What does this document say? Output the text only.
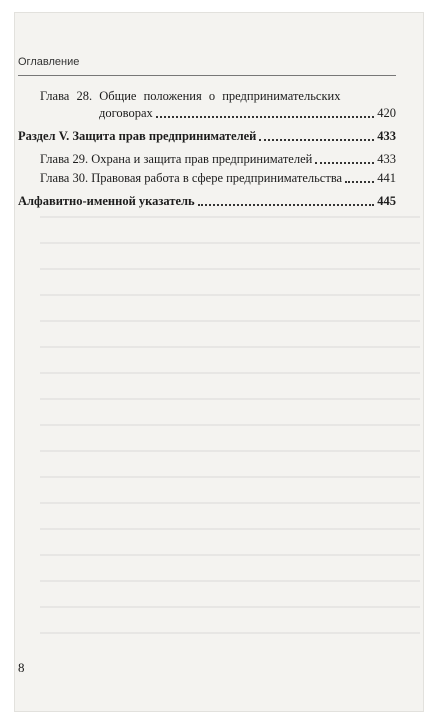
Оглавление
Глава 28. Общие положения о предпринимательских
договорах	420
Раздел V. Защита прав предпринимателей	433
Глава 29. Охрана и защита прав предпринимателей	433
Глава 30. Правовая работа в сфере предпринимательства	441
Алфавитно-именной указатель	445
8
